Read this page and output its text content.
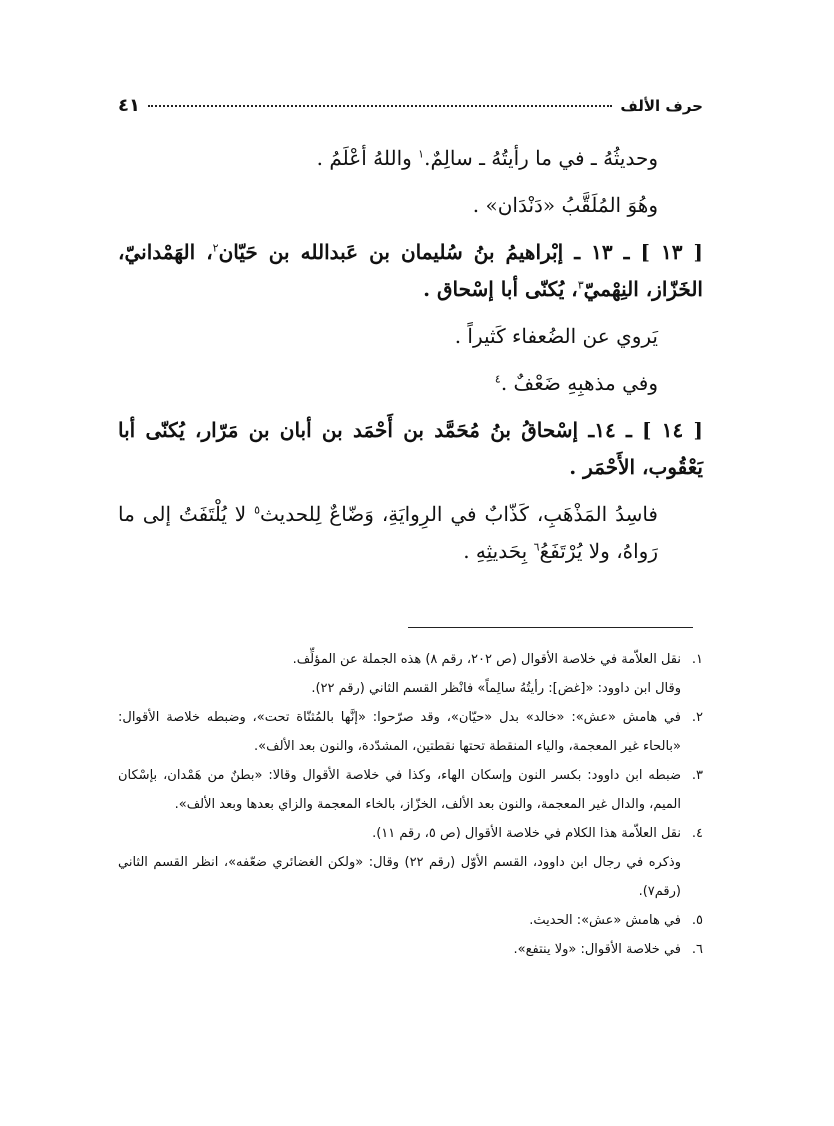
حرف الألف
٤١

وحديثُهُ ـ في ما رأيتُهُ ـ سالِمٌ.$^١$ واللهُ أعْلَمُ .

وهُوَ المُلَقَّبُ «دَنْدَان» .

[ ١٣ ] ـ ١٣ ـ إبْراهيمُ بنُ سُليمان بن عَبدالله بن حَيّان$^٢$، الهَمْدانيّ، الخَزّاز، النِهْميّ$^٣$، يُكنّى أبا إسْحاق .

يَروي عن الضُعفاء كَثيراً .

وفي مذهبِهِ ضَعْفٌ .$^٤$

[ ١٤ ] ـ ١٤ـ إسْحاقُ بنُ مُحَمَّد بن أَحْمَد بن أبان بن مَرّار، يُكنّى أبا يَعْقُوب، الأَحْمَر .

فاسِدُ المَذْهَبِ، كَذّابٌ في الرِوايَةِ، وَضّاعٌ لِلحديث$^٥$ لا يُلْتَفَتُ إلى ما رَواهُ، ولا يُرْتَفَعُ$^٦$ بِحَديثِهِ .

١.
نقل العلاّمة في خلاصة الأقوال (ص ٢٠٢، رقم ٨) هذه الجملة عن المؤلِّف.

وقال ابن داوود: «[غض]: رأيتُهُ سالِماً» فانْظر القسم الثاني (رقم ٢٢).

٢.
في هامش «عش»: «خالد» بدل «حيّان»، وقد صرّحوا: «إنَّها بالمُثنّاة تحت»، وضبطه خلاصة الأقوال: «بالحاء غير المعجمة، والياء المنقطة تحتها نقطتين، المشدّدة، والنون بعد الألف».

٣.
ضبطه ابن داوود: بكسر النون وإسكان الهاء، وكذا في خلاصة الأقوال وقالا: «بطنٌ من هَمْدان، بإسْكان الميم، والدال غير المعجمة، والنون بعد الألف، الخزّاز، بالخاء المعجمة والزاي بعدها وبعد الألف».

٤.
نقل العلاّمة هذا الكلام في خلاصة الأقوال (ص ٥، رقم ١١).

وذكره في رجال ابن داوود، القسم الأوّل (رقم ٢٢) وقال: «ولكن الغضائري ضعّفه»، انظر القسم الثاني (رقم٧).

٥.
في هامش «عش»: الحديث.

٦.
في خلاصة الأقوال: «ولا ينتفع».
